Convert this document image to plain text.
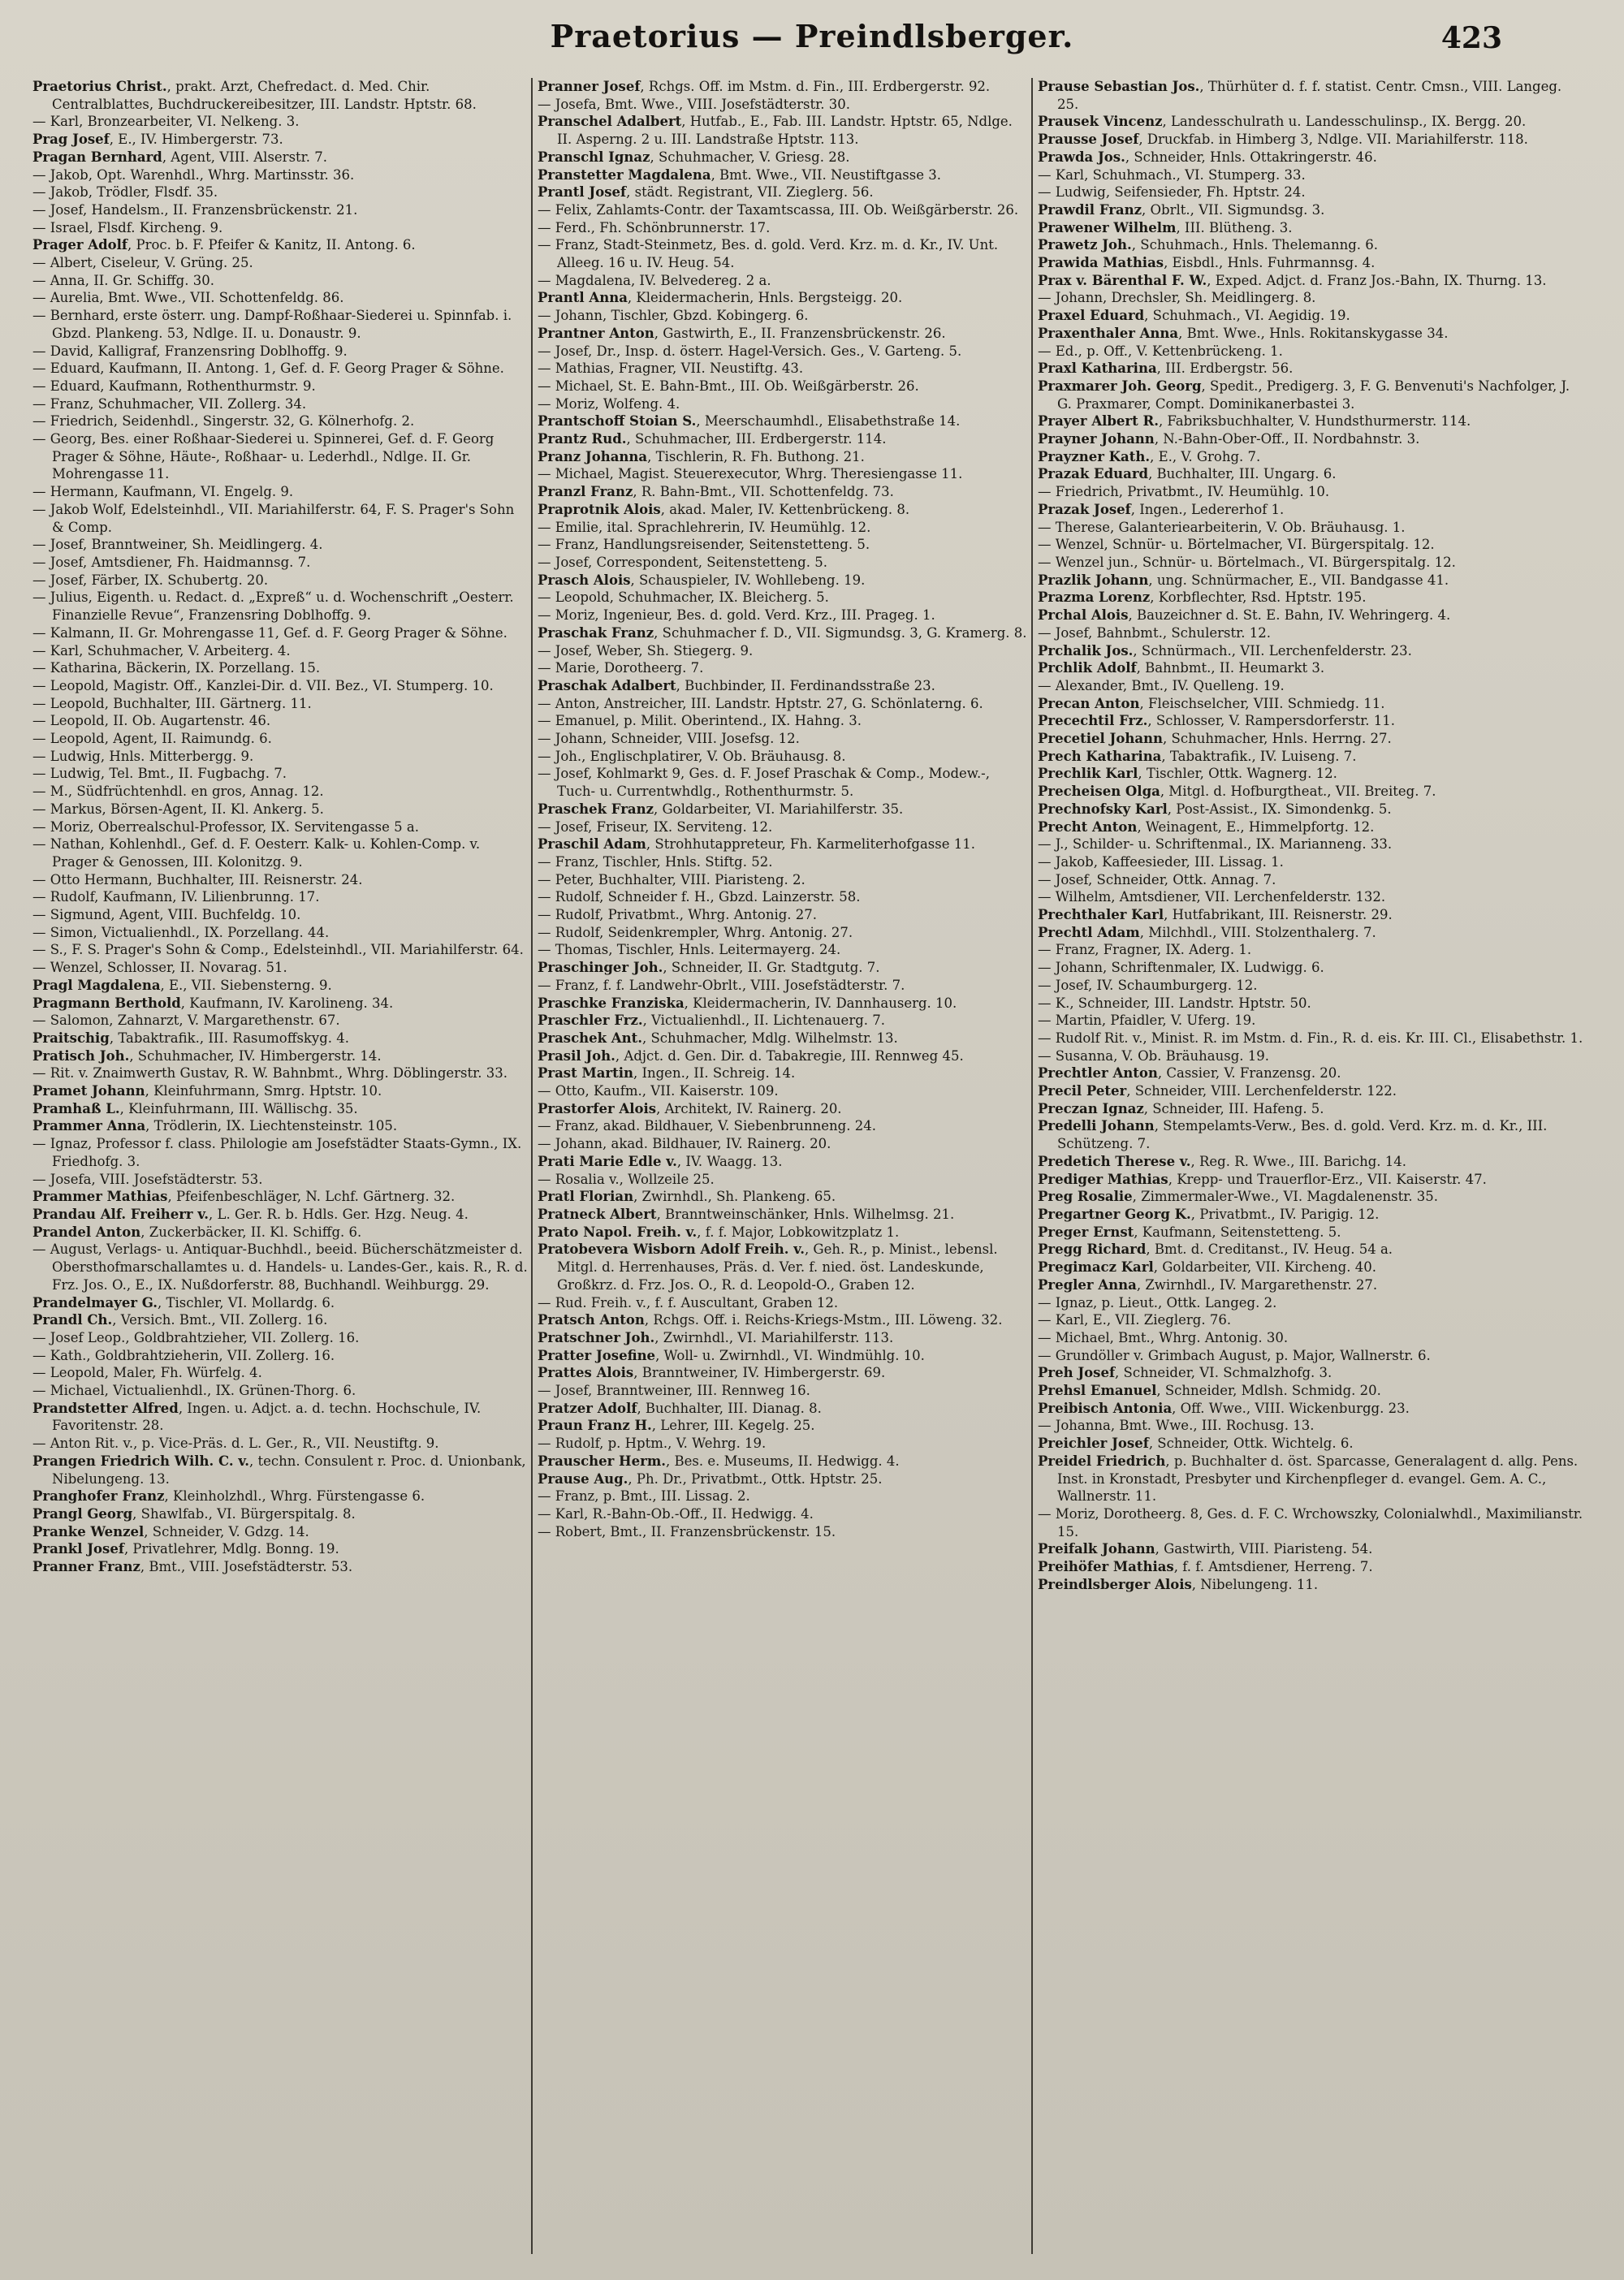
Praetorius — Preindlsberger.	423

Praetorius Christ., prakt. Arzt, Chefredact. d. Med. Chir. Centralblattes, Buchdruckereibesitzer, III. Landstr. Hptstr. 68.

— Karl, Bronzearbeiter, VI. Nelkeng. 3.

Prag Josef, E., IV. Himbergerstr. 73.

Pragan Bernhard, Agent, VIII. Alserstr. 7.

— Jakob, Opt. Warenhdl., Whrg. Martinsstr. 36.

— Jakob, Trödler, Flsdf. 35.

— Josef, Handelsm., II. Franzensbrückenstr. 21.

— Israel, Flsdf. Kircheng. 9.

Prager Adolf, Proc. b. F. Pfeifer & Kanitz, II. Antong. 6.

— Albert, Ciseleur, V. Grüng. 25.

— Anna, II. Gr. Schiffg. 30.

— Aurelia, Bmt. Wwe., VII. Schottenfeldg. 86.

— Bernhard, erste österr. ung. Dampf-Roßhaar-Siederei u. Spinnfab. i. Gbzd. Plankeng. 53, Ndlge. II. u. Donaustr. 9.

— David, Kalligraf, Franzensring Doblhoffg. 9.

— Eduard, Kaufmann, II. Antong. 1, Gef. d. F. Georg Prager & Söhne.

— Eduard, Kaufmann, Rothenthurmstr. 9.

— Franz, Schuhmacher, VII. Zollerg. 34.

— Friedrich, Seidenhdl., Singerstr. 32, G. Kölnerhofg. 2.

— Georg, Bes. einer Roßhaar-Siederei u. Spinnerei, Gef. d. F. Georg Prager & Söhne, Häute-, Roßhaar- u. Lederhdl., Ndlge. II. Gr. Mohrengasse 11.

— Hermann, Kaufmann, VI. Engelg. 9.

— Jakob Wolf, Edelsteinhdl., VII. Mariahilferstr. 64, F. S. Prager's Sohn & Comp.

— Josef, Branntweiner, Sh. Meidlingerg. 4.

— Josef, Amtsdiener, Fh. Haidmannsg. 7.

— Josef, Färber, IX. Schubertg. 20.

— Julius, Eigenth. u. Redact. d. „Expreß“ u. d. Wochenschrift „Oesterr. Finanzielle Revue“, Franzensring Doblhoffg. 9.

— Kalmann, II. Gr. Mohrengasse 11, Gef. d. F. Georg Prager & Söhne.

— Karl, Schuhmacher, V. Arbeiterg. 4.

— Katharina, Bäckerin, IX. Porzellang. 15.

— Leopold, Magistr. Off., Kanzlei-Dir. d. VII. Bez., VI. Stumperg. 10.

— Leopold, Buchhalter, III. Gärtnerg. 11.

— Leopold, II. Ob. Augartenstr. 46.

— Leopold, Agent, II. Raimundg. 6.

— Ludwig, Hnls. Mitterbergg. 9.

— Ludwig, Tel. Bmt., II. Fugbachg. 7.

— M., Südfrüchtenhdl. en gros, Annag. 12.

— Markus, Börsen-Agent, II. Kl. Ankerg. 5.

— Moriz, Oberrealschul-Professor, IX. Servitengasse 5 a.

— Nathan, Kohlenhdl., Gef. d. F. Oesterr. Kalk- u. Kohlen-Comp. v. Prager & Genossen, III. Kolonitzg. 9.

— Otto Hermann, Buchhalter, III. Reisnerstr. 24.

— Rudolf, Kaufmann, IV. Lilienbrunng. 17.

— Sigmund, Agent, VIII. Buchfeldg. 10.

— Simon, Victualienhdl., IX. Porzellang. 44.

— S., F. S. Prager's Sohn & Comp., Edelsteinhdl., VII. Mariahilferstr. 64.

— Wenzel, Schlosser, II. Novarag. 51.

Pragl Magdalena, E., VII. Siebensterng. 9.

Pragmann Berthold, Kaufmann, IV. Karolineng. 34.

— Salomon, Zahnarzt, V. Margarethenstr. 67.

Praitschig, Tabaktrafik., III. Rasumoffskyg. 4.

Pratisch Joh., Schuhmacher, IV. Himbergerstr. 14.

— Rit. v. Znaimwerth Gustav, R. W. Bahnbmt., Whrg. Döblingerstr. 33.

Pramet Johann, Kleinfuhrmann, Smrg. Hptstr. 10.

Pramhaß L., Kleinfuhrmann, III. Wällischg. 35.

Prammer Anna, Trödlerin, IX. Liechtensteinstr. 105.

— Ignaz, Professor f. class. Philologie am Josefstädter Staats-Gymn., IX. Friedhofg. 3.

— Josefa, VIII. Josefstädterstr. 53.

Prammer Mathias, Pfeifenbeschläger, N. Lchf. Gärtnerg. 32.

Prandau Alf. Freiherr v., L. Ger. R. b. Hdls. Ger. Hzg. Neug. 4.

Prandel Anton, Zuckerbäcker, II. Kl. Schiffg. 6.

— August, Verlags- u. Antiquar-Buchhdl., beeid. Bücherschätzmeister d. Obersthofmarschallamtes u. d. Handels- u. Landes-Ger., kais. R., R. d. Frz. Jos. O., E., IX. Nußdorferstr. 88, Buchhandl. Weihburgg. 29.

Prandelmayer G., Tischler, VI. Mollardg. 6.

Prandl Ch., Versich. Bmt., VII. Zollerg. 16.

— Josef Leop., Goldbrahtzieher, VII. Zollerg. 16.

— Kath., Goldbrahtzieherin, VII. Zollerg. 16.

— Leopold, Maler, Fh. Würfelg. 4.

— Michael, Victualienhdl., IX. Grünen-Thorg. 6.

Prandstetter Alfred, Ingen. u. Adjct. a. d. techn. Hochschule, IV. Favoritenstr. 28.

— Anton Rit. v., p. Vice-Präs. d. L. Ger., R., VII. Neustiftg. 9.

Prangen Friedrich Wilh. C. v., techn. Consulent r. Proc. d. Unionbank, Nibelungeng. 13.

Pranghofer Franz, Kleinholzhdl., Whrg. Fürstengasse 6.

Prangl Georg, Shawlfab., VI. Bürgerspitalg. 8.

Pranke Wenzel, Schneider, V. Gdzg. 14.

Prankl Josef, Privatlehrer, Mdlg. Bonng. 19.

Pranner Franz, Bmt., VIII. Josefstädterstr. 53.

Pranner Josef, Rchgs. Off. im Mstm. d. Fin., III. Erdbergerstr. 92.

— Josefa, Bmt. Wwe., VIII. Josefstädterstr. 30.

Pranschel Adalbert, Hutfab., E., Fab. III. Landstr. Hptstr. 65, Ndlge. II. Asperng. 2 u. III. Landstraße Hptstr. 113.

Pranschl Ignaz, Schuhmacher, V. Griesg. 28.

Pranstetter Magdalena, Bmt. Wwe., VII. Neustiftgasse 3.

Prantl Josef, städt. Registrant, VII. Zieglerg. 56.

— Felix, Zahlamts-Contr. der Taxamtscassa, III. Ob. Weißgärberstr. 26.

— Ferd., Fh. Schönbrunnerstr. 17.

— Franz, Stadt-Steinmetz, Bes. d. gold. Verd. Krz. m. d. Kr., IV. Unt. Alleeg. 16 u. IV. Heug. 54.

— Magdalena, IV. Belvedereg. 2 a.

Prantl Anna, Kleidermacherin, Hnls. Bergsteigg. 20.

— Johann, Tischler, Gbzd. Kobingerg. 6.

Prantner Anton, Gastwirth, E., II. Franzensbrückenstr. 26.

— Josef, Dr., Insp. d. österr. Hagel-Versich. Ges., V. Garteng. 5.

— Mathias, Fragner, VII. Neustiftg. 43.

— Michael, St. E. Bahn-Bmt., III. Ob. Weißgärberstr. 26.

— Moriz, Wolfeng. 4.

Prantschoff Stoian S., Meerschaumhdl., Elisabethstraße 14.

Prantz Rud., Schuhmacher, III. Erdbergerstr. 114.

Pranz Johanna, Tischlerin, R. Fh. Buthong. 21.

— Michael, Magist. Steuerexecutor, Whrg. Theresiengasse 11.

Pranzl Franz, R. Bahn-Bmt., VII. Schottenfeldg. 73.

Praprotnik Alois, akad. Maler, IV. Kettenbrückeng. 8.

— Emilie, ital. Sprachlehrerin, IV. Heumühlg. 12.

— Franz, Handlungsreisender, Seitenstetteng. 5.

— Josef, Correspondent, Seitenstetteng. 5.

Prasch Alois, Schauspieler, IV. Wohllebeng. 19.

— Leopold, Schuhmacher, IX. Bleicherg. 5.

— Moriz, Ingenieur, Bes. d. gold. Verd. Krz., III. Prageg. 1.

Praschak Franz, Schuhmacher f. D., VII. Sigmundsg. 3, G. Kramerg. 8.

— Josef, Weber, Sh. Stiegerg. 9.

— Marie, Dorotheerg. 7.

Praschak Adalbert, Buchbinder, II. Ferdinandsstraße 23.

— Anton, Anstreicher, III. Landstr. Hptstr. 27, G. Schönlaterng. 6.

— Emanuel, p. Milit. Oberintend., IX. Hahng. 3.

— Johann, Schneider, VIII. Josefsg. 12.

— Joh., Englischplatirer, V. Ob. Bräuhausg. 8.

— Josef, Kohlmarkt 9, Ges. d. F. Josef Praschak & Comp., Modew.-, Tuch- u. Currentwhdlg., Rothenthurmstr. 5.

Praschek Franz, Goldarbeiter, VI. Mariahilferstr. 35.

— Josef, Friseur, IX. Serviteng. 12.

Praschil Adam, Strohhutappreteur, Fh. Karmeliterhofgasse 11.

— Franz, Tischler, Hnls. Stiftg. 52.

— Peter, Buchhalter, VIII. Piaristeng. 2.

— Rudolf, Schneider f. H., Gbzd. Lainzerstr. 58.

— Rudolf, Privatbmt., Whrg. Antonig. 27.

— Rudolf, Seidenkrempler, Whrg. Antonig. 27.

— Thomas, Tischler, Hnls. Leitermayerg. 24.

Praschinger Joh., Schneider, II. Gr. Stadtgutg. 7.

— Franz, f. f. Landwehr-Obrlt., VIII. Josefstädterstr. 7.

Praschke Franziska, Kleidermacherin, IV. Dannhauserg. 10.

Praschler Frz., Victualienhdl., II. Lichtenauerg. 7.

Praschek Ant., Schuhmacher, Mdlg. Wilhelmstr. 13.

Prasil Joh., Adjct. d. Gen. Dir. d. Tabakregie, III. Rennweg 45.

Prast Martin, Ingen., II. Schreig. 14.

— Otto, Kaufm., VII. Kaiserstr. 109.

Prastorfer Alois, Architekt, IV. Rainerg. 20.

— Franz, akad. Bildhauer, V. Siebenbrunneng. 24.

— Johann, akad. Bildhauer, IV. Rainerg. 20.

Prati Marie Edle v., IV. Waagg. 13.

— Rosalia v., Wollzeile 25.

Pratl Florian, Zwirnhdl., Sh. Plankeng. 65.

Pratneck Albert, Branntweinschänker, Hnls. Wilhelmsg. 21.

Prato Napol. Freih. v., f. f. Major, Lobkowitzplatz 1.

Pratobevera Wisborn Adolf Freih. v., Geh. R., p. Minist., lebensl. Mitgl. d. Herrenhauses, Präs. d. Ver. f. nied. öst. Landeskunde, Großkrz. d. Frz. Jos. O., R. d. Leopold-O., Graben 12.

— Rud. Freih. v., f. f. Auscultant, Graben 12.

Pratsch Anton, Rchgs. Off. i. Reichs-Kriegs-Mstm., III. Löweng. 32.

Pratschner Joh., Zwirnhdl., VI. Mariahilferstr. 113.

Pratter Josefine, Woll- u. Zwirnhdl., VI. Windmühlg. 10.

Prattes Alois, Branntweiner, IV. Himbergerstr. 69.

— Josef, Branntweiner, III. Rennweg 16.

Pratzer Adolf, Buchhalter, III. Dianag. 8.

Praun Franz H., Lehrer, III. Kegelg. 25.

— Rudolf, p. Hptm., V. Wehrg. 19.

Prauscher Herm., Bes. e. Museums, II. Hedwigg. 4.

Prause Aug., Ph. Dr., Privatbmt., Ottk. Hptstr. 25.

— Franz, p. Bmt., III. Lissag. 2.

— Karl, R.-Bahn-Ob.-Off., II. Hedwigg. 4.

— Robert, Bmt., II. Franzensbrückenstr. 15.

Prause Sebastian Jos., Thürhüter d. f. f. statist. Centr. Cmsn., VIII. Langeg. 25.

Prausek Vincenz, Landesschulrath u. Landesschulinsp., IX. Bergg. 20.

Prausse Josef, Druckfab. in Himberg 3, Ndlge. VII. Mariahilferstr. 118.

Prawda Jos., Schneider, Hnls. Ottakringerstr. 46.

— Karl, Schuhmach., VI. Stumperg. 33.

— Ludwig, Seifensieder, Fh. Hptstr. 24.

Prawdil Franz, Obrlt., VII. Sigmundsg. 3.

Prawener Wilhelm, III. Blütheng. 3.

Prawetz Joh., Schuhmach., Hnls. Thelemanng. 6.

Prawida Mathias, Eisbdl., Hnls. Fuhrmannsg. 4.

Prax v. Bärenthal F. W., Exped. Adjct. d. Franz Jos.-Bahn, IX. Thurng. 13.

— Johann, Drechsler, Sh. Meidlingerg. 8.

Praxel Eduard, Schuhmach., VI. Aegidig. 19.

Praxenthaler Anna, Bmt. Wwe., Hnls. Rokitanskygasse 34.

— Ed., p. Off., V. Kettenbrückeng. 1.

Praxl Katharina, III. Erdbergstr. 56.

Praxmarer Joh. Georg, Spedit., Predigerg. 3, F. G. Benvenuti's Nachfolger, J. G. Praxmarer, Compt. Dominikanerbastei 3.

Prayer Albert R., Fabriksbuchhalter, V. Hundsthurmerstr. 114.

Prayner Johann, N.-Bahn-Ober-Off., II. Nordbahnstr. 3.

Prayzner Kath., E., V. Grohg. 7.

Prazak Eduard, Buchhalter, III. Ungarg. 6.

— Friedrich, Privatbmt., IV. Heumühlg. 10.

Prazak Josef, Ingen., Ledererhof 1.

— Therese, Galanteriearbeiterin, V. Ob. Bräuhausg. 1.

— Wenzel, Schnür- u. Börtelmacher, VI. Bürgerspitalg. 12.

— Wenzel jun., Schnür- u. Börtelmach., VI. Bürgerspitalg. 12.

Prazlik Johann, ung. Schnürmacher, E., VII. Bandgasse 41.

Prazma Lorenz, Korbflechter, Rsd. Hptstr. 195.

Prchal Alois, Bauzeichner d. St. E. Bahn, IV. Wehringerg. 4.

— Josef, Bahnbmt., Schulerstr. 12.

Prchalik Jos., Schnürmach., VII. Lerchenfelderstr. 23.

Prchlik Adolf, Bahnbmt., II. Heumarkt 3.

— Alexander, Bmt., IV. Quelleng. 19.

Precan Anton, Fleischselcher, VIII. Schmiedg. 11.

Precechtil Frz., Schlosser, V. Rampersdorferstr. 11.

Precetiel Johann, Schuhmacher, Hnls. Herrng. 27.

Prech Katharina, Tabaktrafik., IV. Luiseng. 7.

Prechlik Karl, Tischler, Ottk. Wagnerg. 12.

Precheisen Olga, Mitgl. d. Hofburgtheat., VII. Breiteg. 7.

Prechnofsky Karl, Post-Assist., IX. Simondenkg. 5.

Precht Anton, Weinagent, E., Himmelpfortg. 12.

— J., Schilder- u. Schriftenmal., IX. Marianneng. 33.

— Jakob, Kaffeesieder, III. Lissag. 1.

— Josef, Schneider, Ottk. Annag. 7.

— Wilhelm, Amtsdiener, VII. Lerchenfelderstr. 132.

Prechthaler Karl, Hutfabrikant, III. Reisnerstr. 29.

Prechtl Adam, Milchhdl., VIII. Stolzenthalerg. 7.

— Franz, Fragner, IX. Aderg. 1.

— Johann, Schriftenmaler, IX. Ludwigg. 6.

— Josef, IV. Schaumburgerg. 12.

— K., Schneider, III. Landstr. Hptstr. 50.

— Martin, Pfaidler, V. Uferg. 19.

— Rudolf Rit. v., Minist. R. im Mstm. d. Fin., R. d. eis. Kr. III. Cl., Elisabethstr. 1.

— Susanna, V. Ob. Bräuhausg. 19.

Prechtler Anton, Cassier, V. Franzensg. 20.

Precil Peter, Schneider, VIII. Lerchenfelderstr. 122.

Preczan Ignaz, Schneider, III. Hafeng. 5.

Predelli Johann, Stempelamts-Verw., Bes. d. gold. Verd. Krz. m. d. Kr., III. Schützeng. 7.

Predetich Therese v., Reg. R. Wwe., III. Barichg. 14.

Prediger Mathias, Krepp- und Trauerflor-Erz., VII. Kaiserstr. 47.

Preg Rosalie, Zimmermaler-Wwe., VI. Magdalenenstr. 35.

Pregartner Georg K., Privatbmt., IV. Parigig. 12.

Preger Ernst, Kaufmann, Seitenstetteng. 5.

Pregg Richard, Bmt. d. Creditanst., IV. Heug. 54 a.

Pregimacz Karl, Goldarbeiter, VII. Kircheng. 40.

Pregler Anna, Zwirnhdl., IV. Margarethenstr. 27.

— Ignaz, p. Lieut., Ottk. Langeg. 2.

— Karl, E., VII. Zieglerg. 76.

— Michael, Bmt., Whrg. Antonig. 30.

— Grundöller v. Grimbach August, p. Major, Wallnerstr. 6.

Preh Josef, Schneider, VI. Schmalzhofg. 3.

Prehsl Emanuel, Schneider, Mdlsh. Schmidg. 20.

Preibisch Antonia, Off. Wwe., VIII. Wickenburgg. 23.

— Johanna, Bmt. Wwe., III. Rochusg. 13.

Preichler Josef, Schneider, Ottk. Wichtelg. 6.

Preidel Friedrich, p. Buchhalter d. öst. Sparcasse, Generalagent d. allg. Pens. Inst. in Kronstadt, Presbyter und Kirchenpfleger d. evangel. Gem. A. C., Wallnerstr. 11.

— Moriz, Dorotheerg. 8, Ges. d. F. C. Wrchowszky, Colonialwhdl., Maximilianstr. 15.

Preifalk Johann, Gastwirth, VIII. Piaristeng. 54.

Preihöfer Mathias, f. f. Amtsdiener, Herreng. 7.

Preindlsberger Alois, Nibelungeng. 11.
